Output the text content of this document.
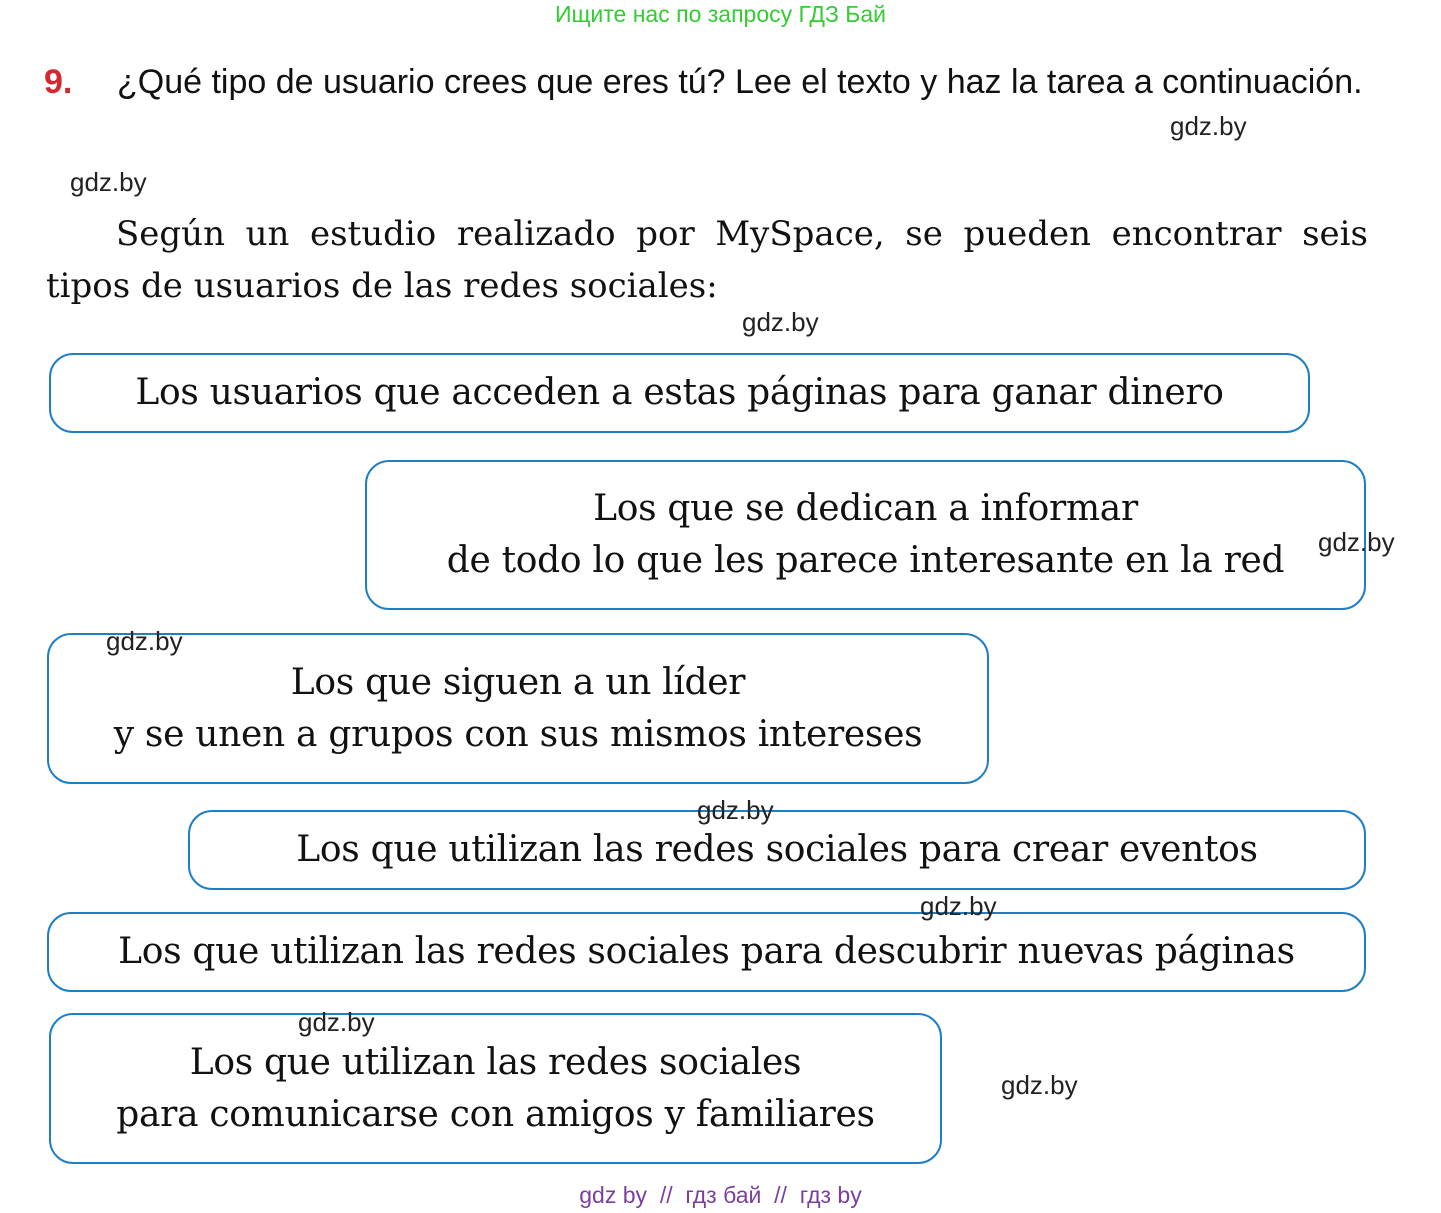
Ищите нас по запросу ГДЗ Бай
9. ¿Qué tipo de usuario crees que eres tú? Lee el texto y haz la tarea a continuación.
gdz.by
gdz.by
Según un estudio realizado por MySpace, se pueden encontrar seis tipos de usuarios de las redes sociales:
gdz.by
Los usuarios que acceden a estas páginas para ganar dinero
Los que se dedican a informar
de todo lo que les parece interesante en la red gdz.by
Los que siguen a un líder
y se unen a grupos con sus mismos intereses
gdz.by
Los que utilizan las redes sociales para crear eventos
gdz.by
Los que utilizan las redes sociales para descubrir nuevas páginas
gdz.by
Los que utilizan las redes sociales
para comunicarse con amigos y familiares
gdz.by
gdz.by
gdz by // гдз бай // гдз by
